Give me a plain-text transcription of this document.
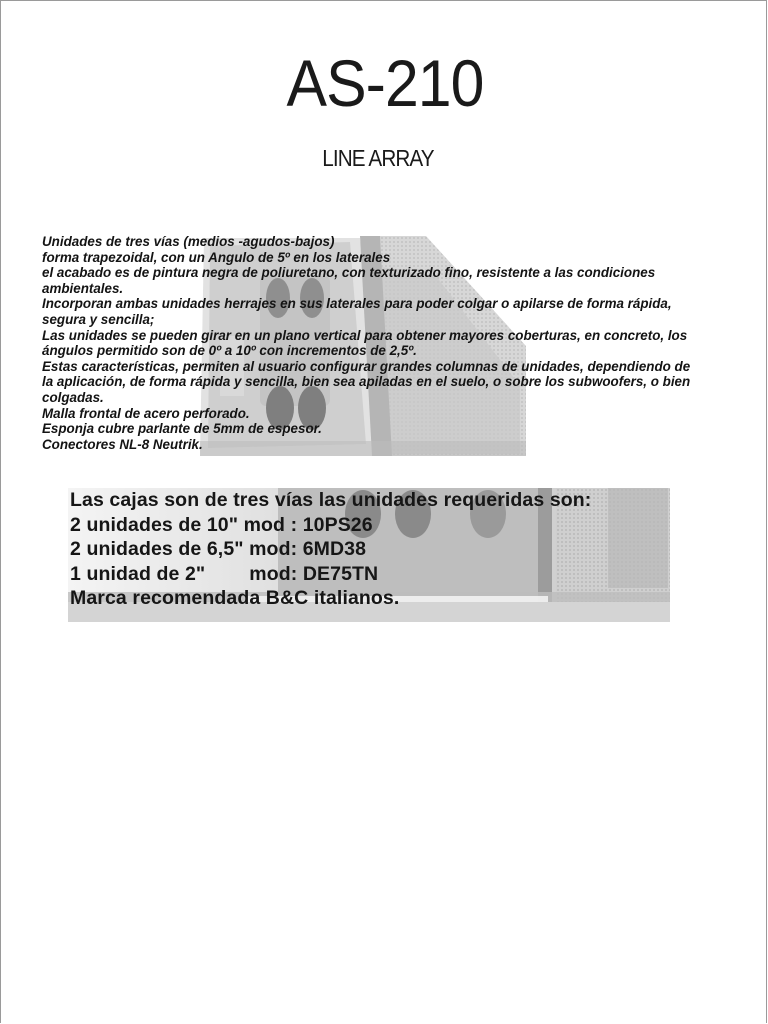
AS-210
LINE ARRAY
Unidades de tres vías (medios -agudos-bajos)
forma trapezoidal, con un Angulo de 5º en los laterales
el acabado es de pintura negra de poliuretano, con texturizado fino, resistente a las condiciones
ambientales.
Incorporan ambas unidades herrajes en sus laterales para poder colgar o apilarse de forma rápida,
segura y sencilla;
Las unidades se pueden girar en un plano vertical para obtener mayores coberturas, en concreto, los
ángulos permitido son de 0º a 10º con incrementos de 2,5º.
Estas características, permiten al usuario configurar grandes columnas de unidades, dependiendo de
la aplicación, de forma rápida y sencilla, bien sea apiladas en el suelo, o sobre los subwoofers, o bien
colgadas.
Malla frontal de acero perforado.
Esponja cubre parlante de 5mm de espesor.
Conectores NL-8 Neutrik.
Las cajas son de tres vías las unidades requeridas son:
2 unidades de 10" mod : 10PS26
2 unidades de 6,5" mod: 6MD38
1 unidad de 2" mod: DE75TN
Marca recomendada B&C italianos.
